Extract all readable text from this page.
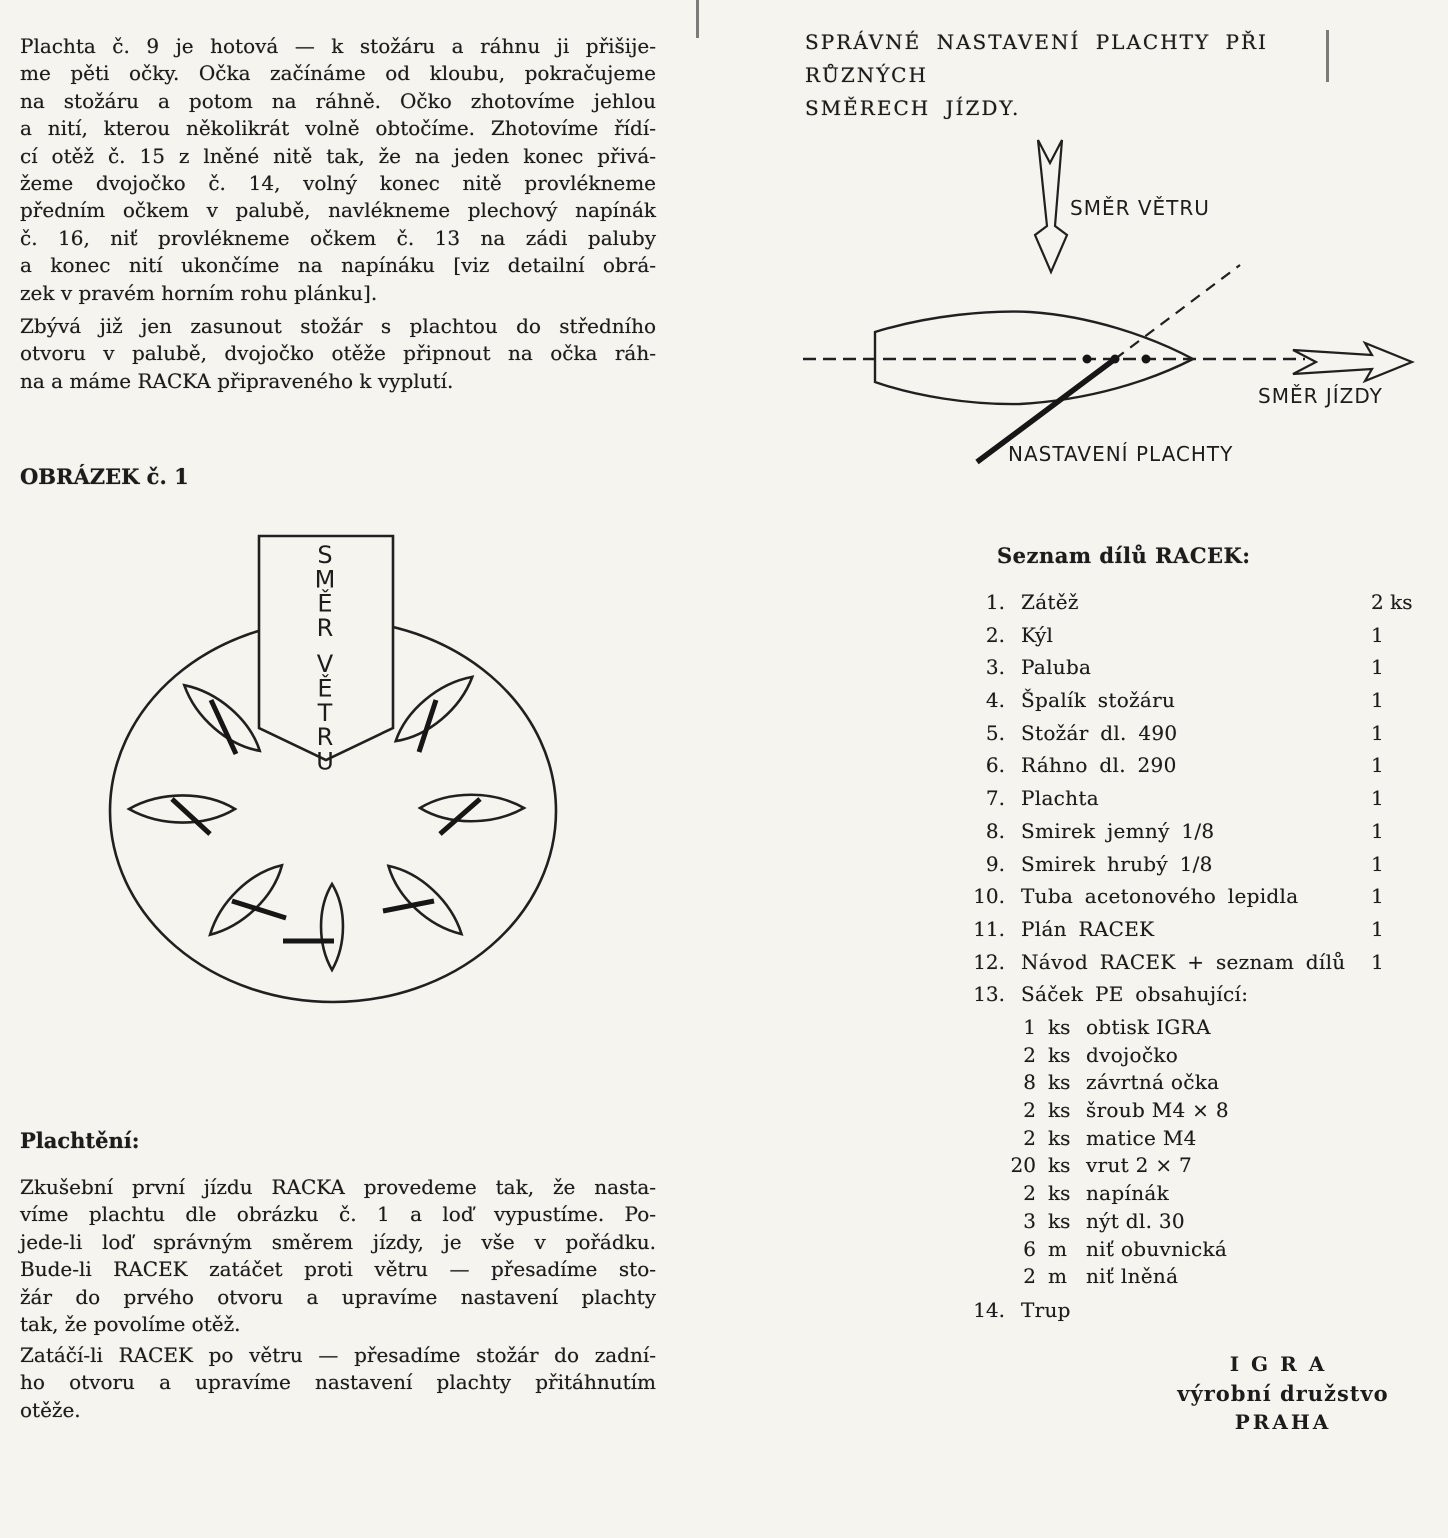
Plachta č. 9 je hotová — k stožáru a ráhnu ji přišije-
me pěti očky. Očka začínáme od kloubu, pokračujeme
na stožáru a potom na ráhně. Očko zhotovíme jehlou
a nití, kterou několikrát volně obtočíme. Zhotovíme řídí-
cí otěž č. 15 z lněné nitě tak, že na jeden konec přivá-
žeme dvojočko č. 14, volný konec nitě provlékneme
předním očkem v palubě, navlékneme plechový napínák
č. 16, niť provlékneme očkem č. 13 na zádi paluby
a konec nití ukončíme na napínáku [viz detailní obrá-
zek v pravém horním rohu plánku].
Zbývá již jen zasunout stožár s plachtou do středního
otvoru v palubě, dvojočko otěže připnout na očka ráh-
na a máme RACKA připraveného k vyplutí.
OBRÁZEK č. 1
S
M
Ě
R
V
Ě
T
R
U
Plachtění:
Zkušební první jízdu RACKA provedeme tak, že nasta-
víme plachtu dle obrázku č. 1 a loď vypustíme. Po-
jede-li loď správným směrem jízdy, je vše v pořádku.
Bude-li RACEK zatáčet proti větru — přesadíme sto-
žár do prvého otvoru a upravíme nastavení plachty
tak, že povolíme otěž.
Zatáčí-li RACEK po větru — přesadíme stožár do zadní-
ho otvoru a upravíme nastavení plachty přitáhnutím
otěže.
SPRÁVNÉ NASTAVENÍ PLACHTY PŘI RŮZNÝCH
SMĚRECH JÍZDY.
SMĚR VĚTRU
SMĚR JÍZDY
NASTAVENÍ PLACHTY
Seznam dílů RACEK:
1. Zátěž	2 ks
2. Kýl	1
3. Paluba	1
4. Špalík stožáru	1
5. Stožár dl. 490	1
6. Ráhno dl. 290	1
7. Plachta	1
8. Smirek jemný 1/8	1
9. Smirek hrubý 1/8	1
10. Tuba acetonového lepidla	1
11. Plán RACEK	1
12. Návod RACEK + seznam dílů 1
13. Sáček PE obsahující:
1 ks obtisk IGRA
2 ks dvojočko
8 ks závrtná očka
2 ks šroub M4 × 8
2 ks matice M4
20 ks vrut 2 × 7
2 ks napínák
3 ks nýt dl. 30
6 m niť obuvnická
2 m niť lněná
14. Trup
IGRA
výrobní družstvo
PRAHA
